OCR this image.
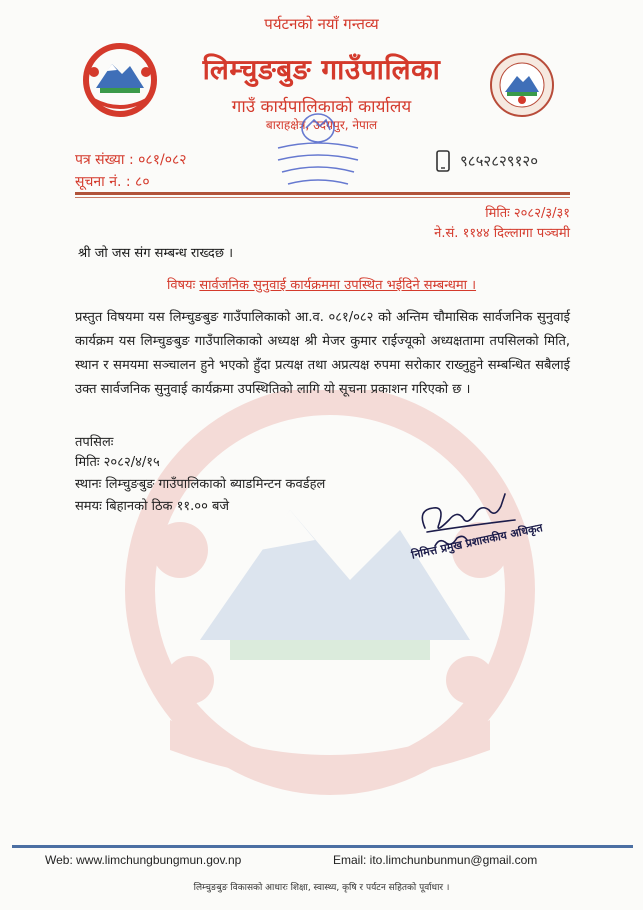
पर्यटनको नयाँ गन्तव्य
लिम्चुङबुङ गाउँपालिका
गाउँ कार्यपालिकाको कार्यालय
बाराहक्षेत्र, उदयपुर, नेपाल
पत्र संख्या : ०८१/०८२
सूचना नं. : ८०
९८५२८२९१२०
मितिः २०८२/३/३१
ने.सं. ११४४ दिल्लागा पञ्चमी
श्री जो जस संग सम्बन्ध राख्दछ ।
विषयः सार्वजनिक सुनुवाई कार्यक्रममा उपस्थित भईदिने सम्बन्धमा ।
प्रस्तुत विषयमा यस लिम्चुङबुङ गाउँपालिकाको आ.व. ०८१/०८२ को अन्तिम चौमासिक सार्वजनिक सुनुवाई कार्यक्रम यस लिम्चुङबुङ गाउँपालिकाको अध्यक्ष श्री मेजर कुमार राईज्यूको अध्यक्षतामा तपसिलको मिति, स्थान र समयमा सञ्चालन हुने भएको हुँदा प्रत्यक्ष तथा अप्रत्यक्ष रुपमा सरोकार राख्नुहुने सम्बन्धित सबैलाई उक्त सार्वजनिक सुनुवाई कार्यक्रमा उपस्थितिको लागि यो सूचना प्रकाशन गरिएको छ ।
तपसिलः
मितिः २०८२/४/१५
स्थानः लिम्चुङबुङ गाउँपालिकाको ब्याडमिन्टन कवर्डहल
समयः बिहानको ठिक ११.०० बजे
निमित्त प्रमुख प्रशासकीय अधिकृत
Web: www.limchungbungmun.gov.np	Email: ito.limchunbunmun@gmail.com
लिम्चुङबुङ विकासको आधारः शिक्षा, स्वास्थ्य, कृषि र पर्यटन सहितको पूर्वाधार ।
